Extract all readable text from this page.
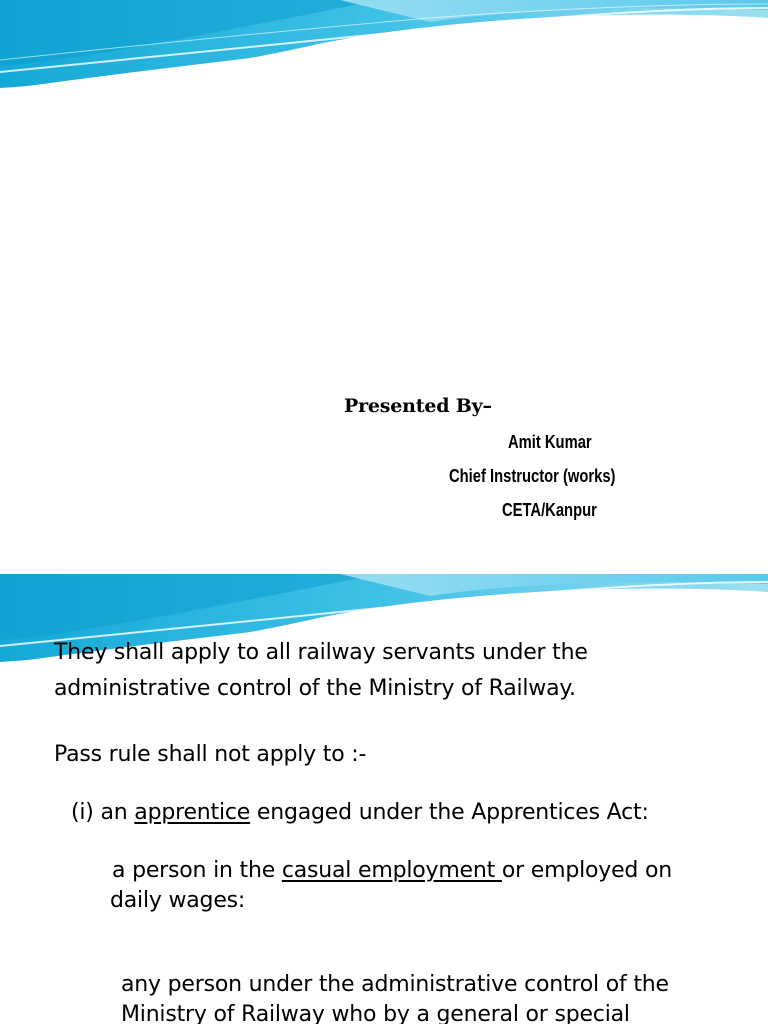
Presented By–
Amit Kumar
Chief Instructor (works)
CETA/Kanpur
They shall apply to all railway servants under the
administrative control of the Ministry of Railway.
Pass rule shall not apply to :-
(i) an apprentice engaged under the Apprentices Act:
a person in the casual employment or employed on
daily wages:
any person under the administrative control of the
Ministry of Railway who by a general or special
